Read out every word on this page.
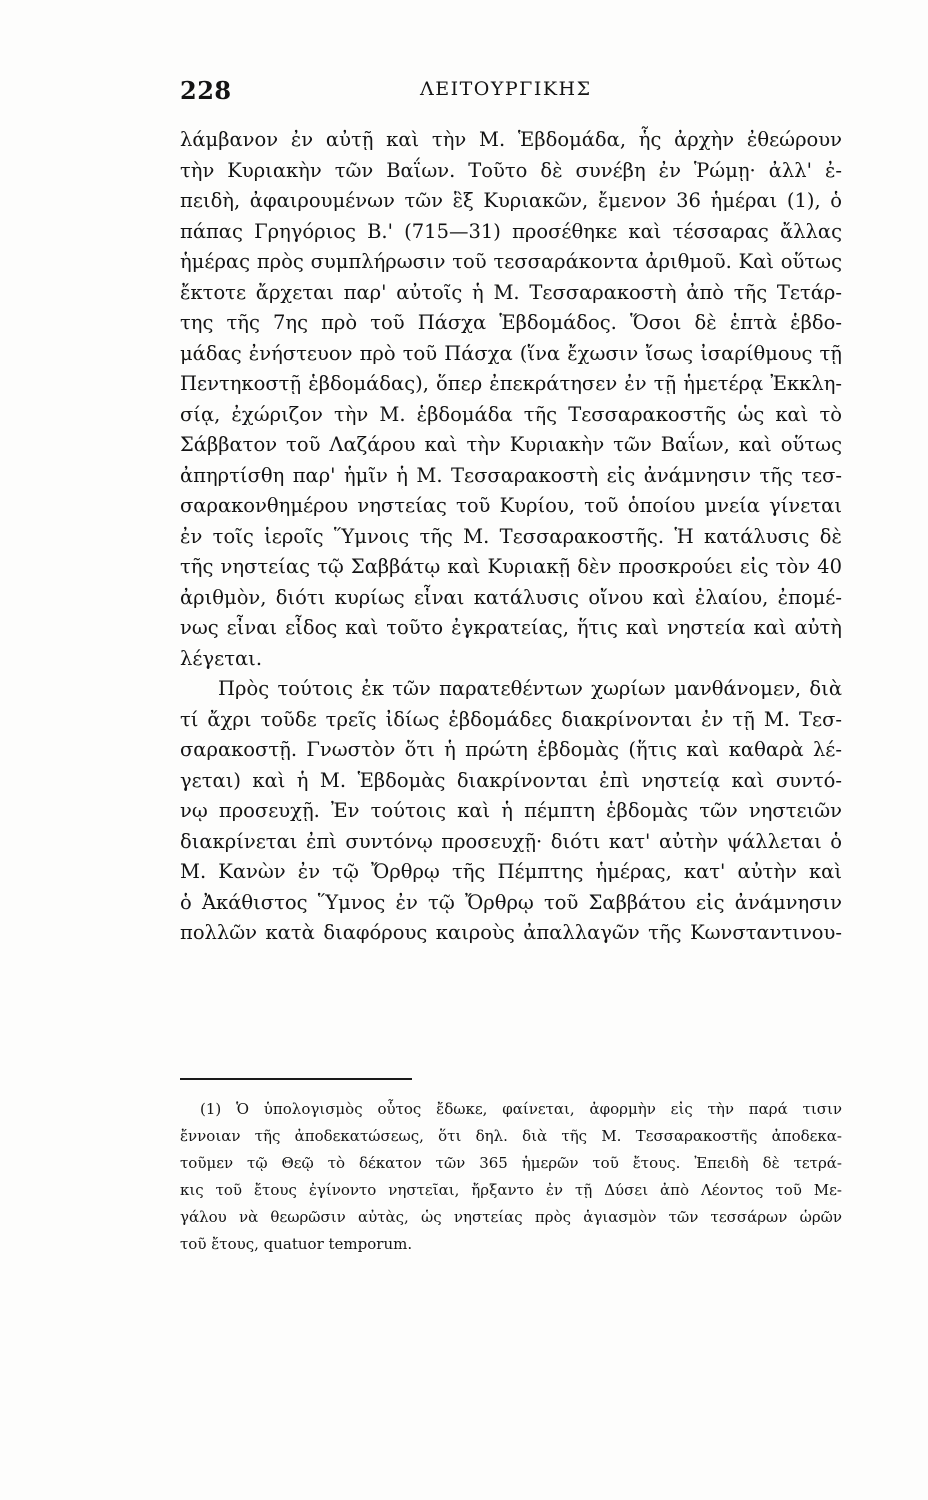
228	ΛΕΙΤΟΥΡΓΙΚΗΣ
λάμβανον ἐν αὐτῇ καὶ τὴν Μ. Ἑβδομάδα, ἧς ἀρχὴν ἐθεώρουν
τὴν Κυριακὴν τῶν Βαΐων. Τοῦτο δὲ συνέβη ἐν Ῥώμῃ· ἀλλ' ἐ-
πειδὴ, ἀφαιρουμένων τῶν ἓξ Κυριακῶν, ἔμενον 36 ἡμέραι (1), ὁ
πάπας Γρηγόριος Β.' (715—31) προσέθηκε καὶ τέσσαρας ἄλλας
ἡμέρας πρὸς συμπλήρωσιν τοῦ τεσσαράκοντα ἀριθμοῦ. Καὶ οὕτως
ἔκτοτε ἄρχεται παρ' αὐτοῖς ἡ Μ. Τεσσαρακοστὴ ἀπὸ τῆς Τετάρ-
της τῆς 7ης πρὸ τοῦ Πάσχα Ἑβδομάδος. Ὅσοι δὲ ἑπτὰ ἑβδο-
μάδας ἐνήστευον πρὸ τοῦ Πάσχα (ἵνα ἔχωσιν ἴσως ἰσαρίθμους τῇ
Πεντηκοστῇ ἑβδομάδας), ὅπερ ἐπεκράτησεν ἐν τῇ ἡμετέρᾳ Ἐκκλη-
σίᾳ, ἐχώριζον τὴν Μ. ἑβδομάδα τῆς Τεσσαρακοστῆς ὡς καὶ τὸ
Σάββατον τοῦ Λαζάρου καὶ τὴν Κυριακὴν τῶν Βαΐων, καὶ οὕτως
ἀπηρτίσθη παρ' ἡμῖν ἡ Μ. Τεσσαρακοστὴ εἰς ἀνάμνησιν τῆς τεσ-
σαρακονθημέρου νηστείας τοῦ Κυρίου, τοῦ ὁποίου μνεία γίνεται
ἐν τοῖς ἱεροῖς Ὕμνοις τῆς Μ. Τεσσαρακοστῆς. Ἡ κατάλυσις δὲ
τῆς νηστείας τῷ Σαββάτῳ καὶ Κυριακῇ δὲν προσκρούει εἰς τὸν 40
ἀριθμὸν, διότι κυρίως εἶναι κατάλυσις οἴνου καὶ ἐλαίου, ἐπομέ-
νως εἶναι εἶδος καὶ τοῦτο ἐγκρατείας, ἥτις καὶ νηστεία καὶ αὐτὴ
λέγεται.
Πρὸς τούτοις ἐκ τῶν παρατεθέντων χωρίων μανθάνομεν, διὰ
τί ἄχρι τοῦδε τρεῖς ἰδίως ἑβδομάδες διακρίνονται ἐν τῇ Μ. Τεσ-
σαρακοστῇ. Γνωστὸν ὅτι ἡ πρώτη ἑβδομὰς (ἥτις καὶ καθαρὰ λέ-
γεται) καὶ ἡ Μ. Ἑβδομὰς διακρίνονται ἐπὶ νηστείᾳ καὶ συντό-
νῳ προσευχῇ. Ἐν τούτοις καὶ ἡ πέμπτη ἑβδομὰς τῶν νηστειῶν
διακρίνεται ἐπὶ συντόνῳ προσευχῇ· διότι κατ' αὐτὴν ψάλλεται ὁ
Μ. Κανὼν ἐν τῷ Ὄρθρῳ τῆς Πέμπτης ἡμέρας, κατ' αὐτὴν καὶ
ὁ Ἀκάθιστος Ὕμνος ἐν τῷ Ὄρθρῳ τοῦ Σαββάτου εἰς ἀνάμνησιν
πολλῶν κατὰ διαφόρους καιροὺς ἀπαλλαγῶν τῆς Κωνσταντινου-
(1) Ὁ ὑπολογισμὸς οὗτος ἔδωκε, φαίνεται, ἀφορμὴν εἰς τὴν παρά τισιν
ἔννοιαν τῆς ἀποδεκατώσεως, ὅτι δηλ. διὰ τῆς Μ. Τεσσαρακοστῆς ἀποδεκα-
τοῦμεν τῷ Θεῷ τὸ δέκατον τῶν 365 ἡμερῶν τοῦ ἔτους. Ἐπειδὴ δὲ τετρά-
κις τοῦ ἔτους ἐγίνοντο νηστεῖαι, ἤρξαντο ἐν τῇ Δύσει ἀπὸ Λέοντος τοῦ Με-
γάλου νὰ θεωρῶσιν αὐτὰς, ὡς νηστείας πρὸς ἁγιασμὸν τῶν τεσσάρων ὡρῶν
τοῦ ἔτους, quatuor temporum.
